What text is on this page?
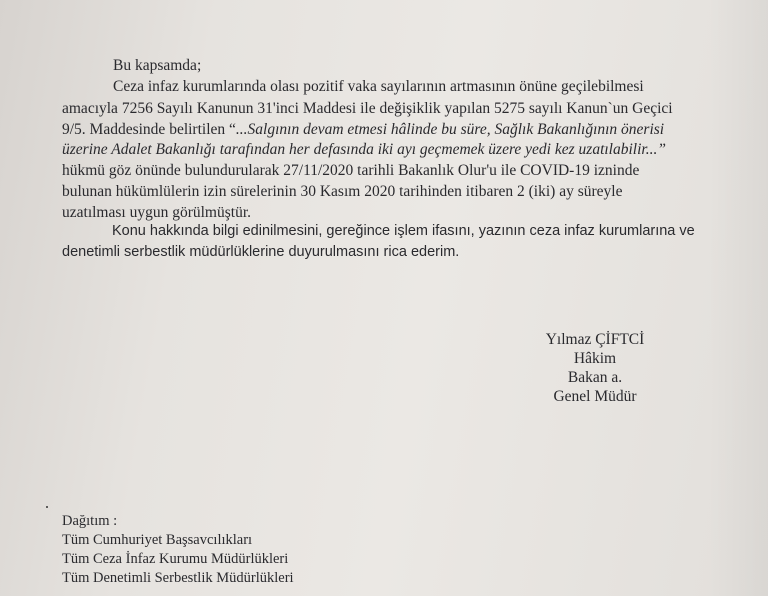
Bu kapsamda;
Ceza infaz kurumlarında olası pozitif vaka sayılarının artmasının önüne geçilebilmesi
amacıyla 7256 Sayılı Kanunun 31'inci Maddesi ile değişiklik yapılan 5275 sayılı Kanun`un Geçici
9/5. Maddesinde belirtilen “...Salgının devam etmesi hâlinde bu süre, Sağlık Bakanlığının önerisi
üzerine Adalet Bakanlığı tarafından her defasında iki ayı geçmemek üzere yedi kez uzatılabilir...”
hükmü göz önünde bulundurularak 27/11/2020 tarihli Bakanlık Olur'u ile COVID-19 izninde
bulunan hükümlülerin izin sürelerinin 30 Kasım 2020 tarihinden itibaren 2 (iki) ay süreyle
uzatılması uygun görülmüştür.
Konu hakkında bilgi edinilmesini, gereğince işlem ifasını, yazının ceza infaz kurumlarına ve
denetimli serbestlik müdürlüklerine duyurulmasını rica ederim.
Yılmaz ÇİFTCİ
Hâkim
Bakan a.
Genel Müdür
Dağıtım :
Tüm Cumhuriyet Başsavcılıkları
Tüm Ceza İnfaz Kurumu Müdürlükleri
Tüm Denetimli Serbestlik Müdürlükleri
